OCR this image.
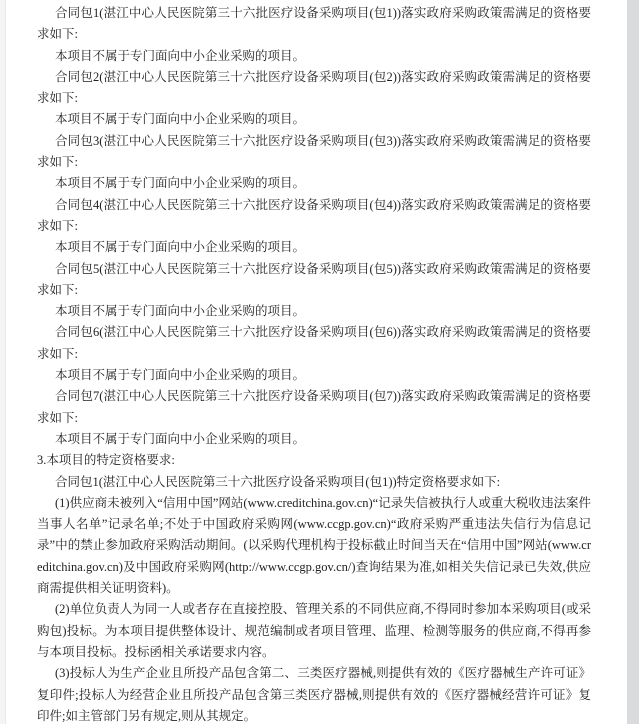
合同包1(湛江中心人民医院第三十六批医疗设备采购项目(包1))落实政府采购政策需满足的资格要求如下:

本项目不属于专门面向中小企业采购的项目。

合同包2(湛江中心人民医院第三十六批医疗设备采购项目(包2))落实政府采购政策需满足的资格要求如下:

本项目不属于专门面向中小企业采购的项目。

合同包3(湛江中心人民医院第三十六批医疗设备采购项目(包3))落实政府采购政策需满足的资格要求如下:

本项目不属于专门面向中小企业采购的项目。

合同包4(湛江中心人民医院第三十六批医疗设备采购项目(包4))落实政府采购政策需满足的资格要求如下:

本项目不属于专门面向中小企业采购的项目。

合同包5(湛江中心人民医院第三十六批医疗设备采购项目(包5))落实政府采购政策需满足的资格要求如下:

本项目不属于专门面向中小企业采购的项目。

合同包6(湛江中心人民医院第三十六批医疗设备采购项目(包6))落实政府采购政策需满足的资格要求如下:

本项目不属于专门面向中小企业采购的项目。

合同包7(湛江中心人民医院第三十六批医疗设备采购项目(包7))落实政府采购政策需满足的资格要求如下:

本项目不属于专门面向中小企业采购的项目。

3.本项目的特定资格要求:

合同包1(湛江中心人民医院第三十六批医疗设备采购项目(包1))特定资格要求如下:

(1)供应商未被列入“信用中国”网站(www.creditchina.gov.cn)“记录失信被执行人或重大税收违法案件当事人名单”记录名单;不处于中国政府采购网(www.ccgp.gov.cn)“政府采购严重违法失信行为信息记录”中的禁止参加政府采购活动期间。(以采购代理机构于投标截止时间当天在“信用中国”网站(www.creditchina.gov.cn)及中国政府采购网(http://www.ccgp.gov.cn/)查询结果为准,如相关失信记录已失效,供应商需提供相关证明资料)。

(2)单位负责人为同一人或者存在直接控股、管理关系的不同供应商,不得同时参加本采购项目(或采购包)投标。为本项目提供整体设计、规范编制或者项目管理、监理、检测等服务的供应商,不得再参与本项目投标。投标函相关承诺要求内容。

(3)投标人为生产企业且所投产品包含第二、三类医疗器械,则提供有效的《医疗器械生产许可证》复印件;投标人为经营企业且所投产品包含第三类医疗器械,则提供有效的《医疗器械经营许可证》复印件;如主管部门另有规定,则从其规定。
